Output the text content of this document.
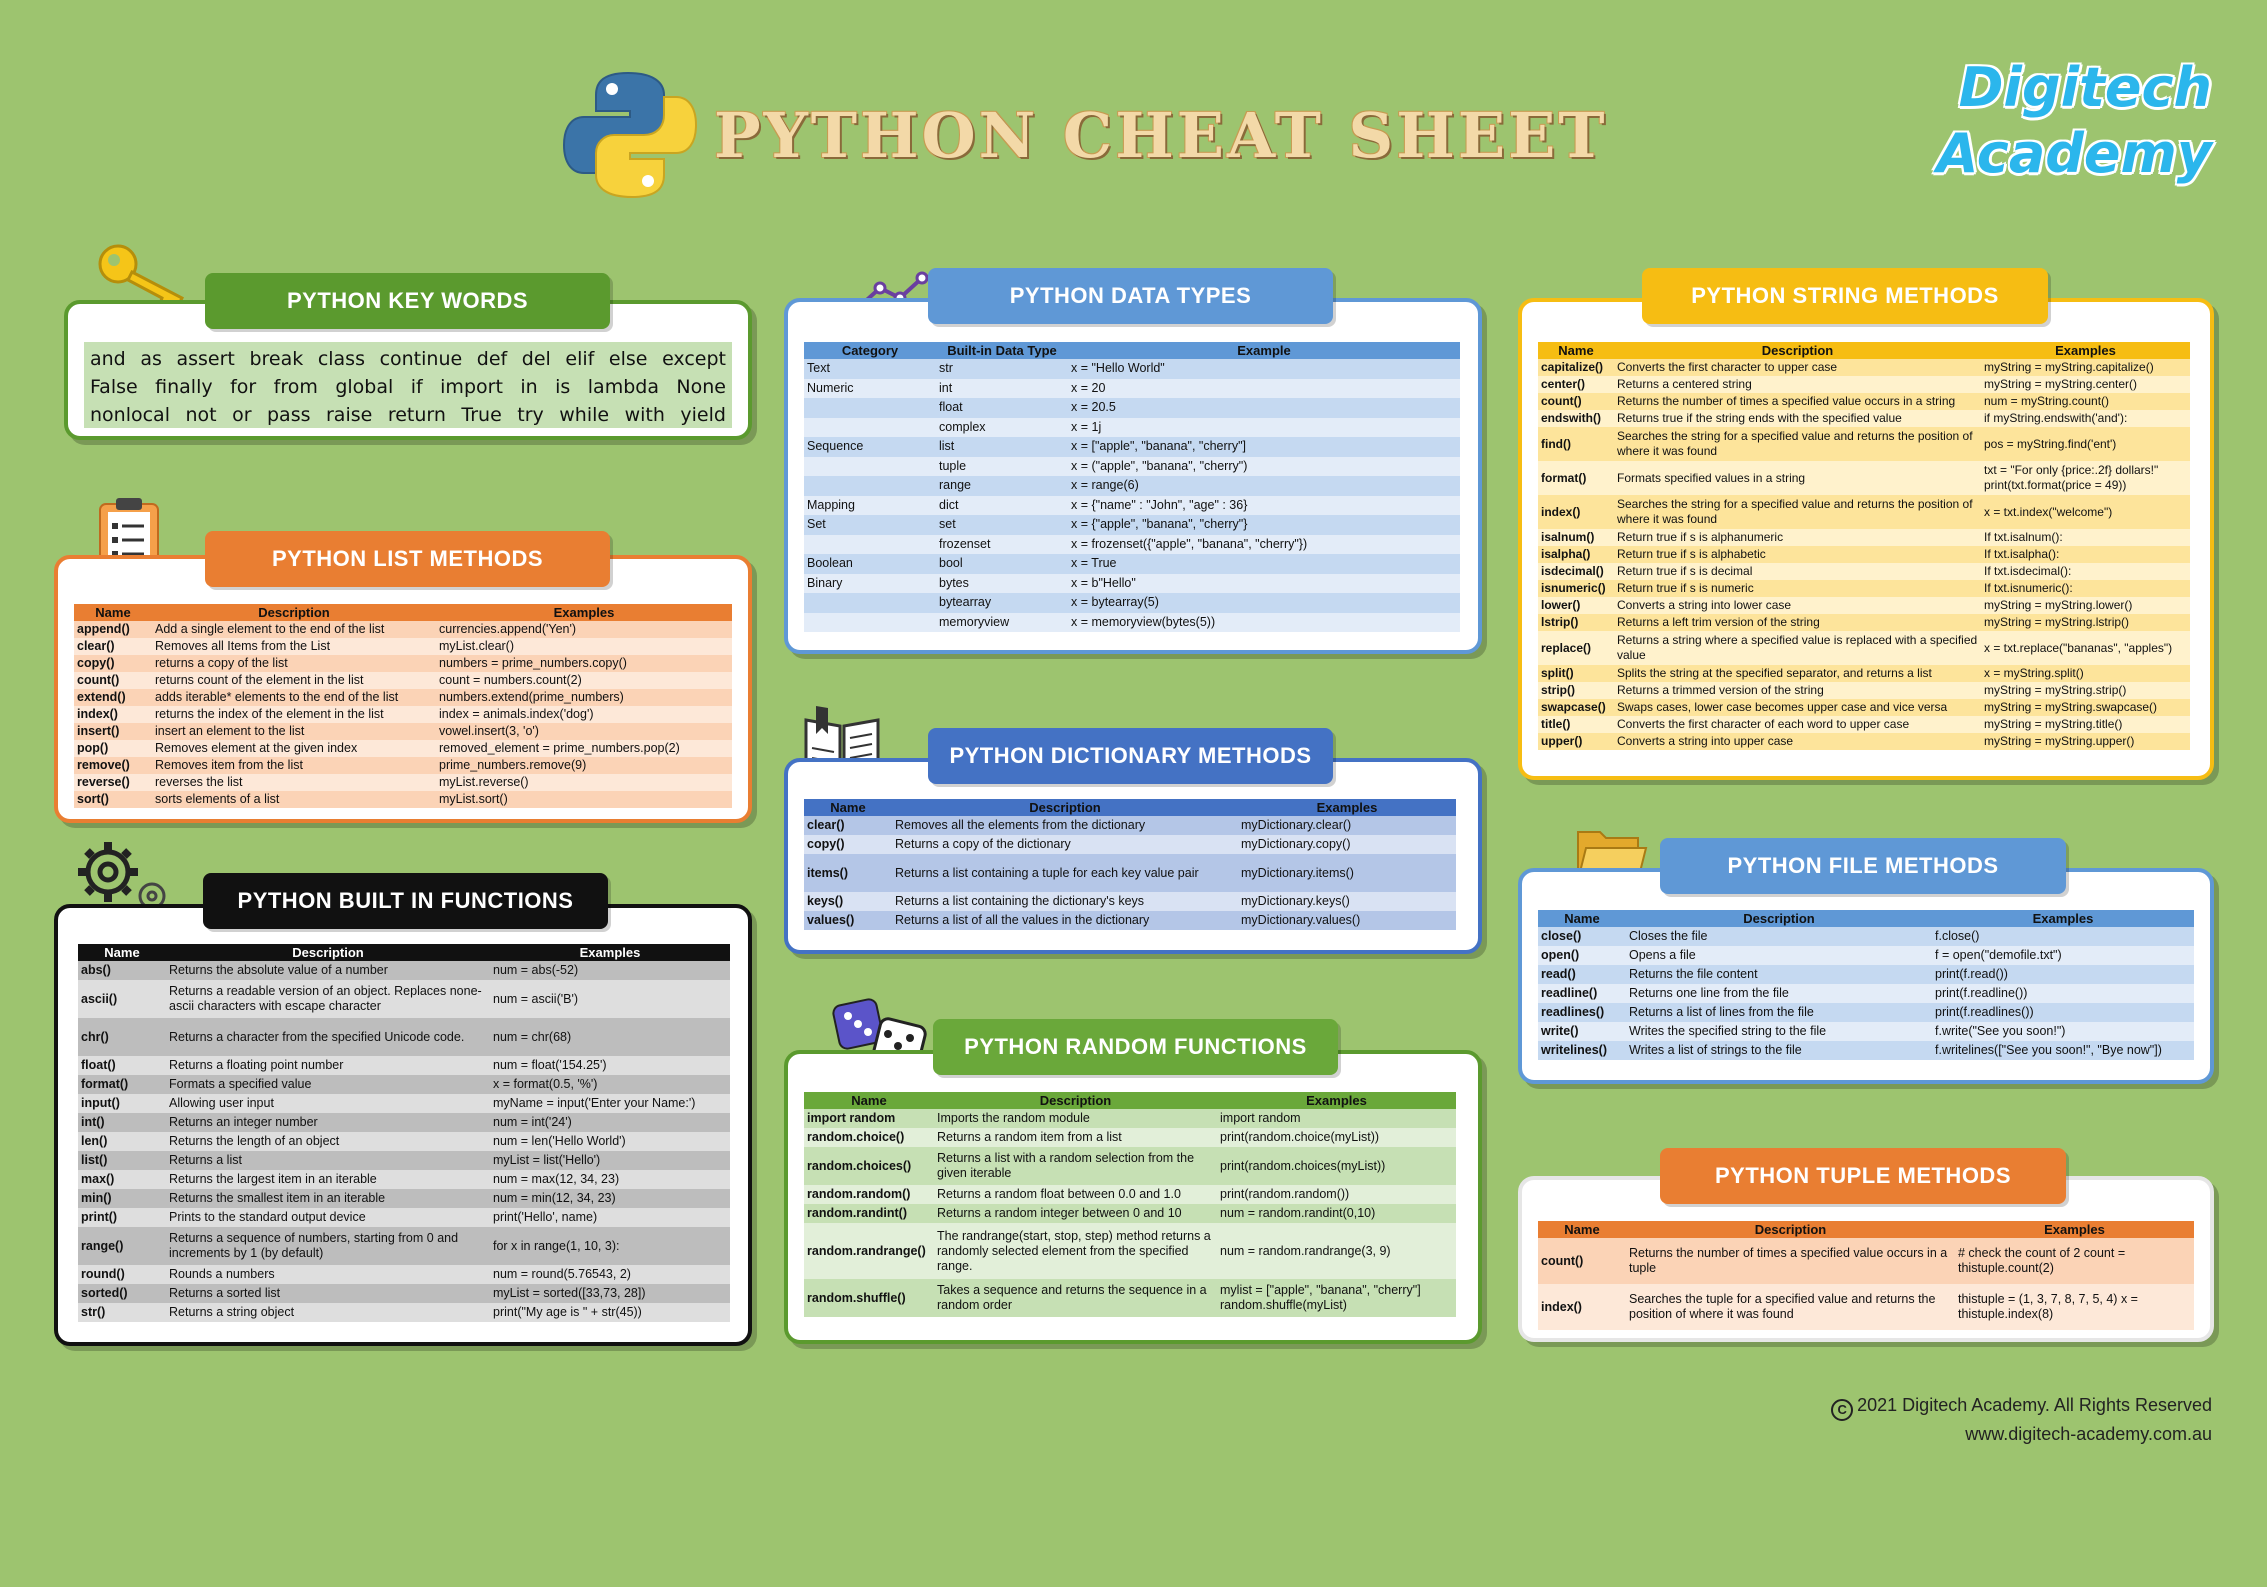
PYTHON CHEAT SHEET
Digitech
Academy
PYTHON KEY WORDS
and as assert break class continue def del elif else except
False finally for from global if import in is lambda None
nonlocal not or pass raise return True try while with yield
PYTHON LIST METHODS
Name	Description	Examples
append()	Add a single element to the end of the list	currencies.append('Yen')
clear()	Removes all Items from the List	myList.clear()
copy()	returns a copy of the list	numbers = prime_numbers.copy()
count()	returns count of the element in the list	count = numbers.count(2)
extend()	adds iterable* elements to the end of the list	numbers.extend(prime_numbers)
index()	returns the index of the element in the list	index = animals.index('dog')
insert()	insert an element to the list	vowel.insert(3, 'o')
pop()	Removes element at the given index	removed_element = prime_numbers.pop(2)
remove()	Removes item from the list	prime_numbers.remove(9)
reverse()	reverses the list	myList.reverse()
sort()	sorts elements of a list	myList.sort()
PYTHON BUILT IN FUNCTIONS
Name	Description	Examples
abs()	Returns the absolute value of a number	num = abs(-52)
ascii()	Returns a readable version of an object. Replaces none-ascii characters with escape character	num = ascii('B')
chr()	Returns a character from the specified Unicode code.	num = chr(68)
float()	Returns a floating point number	num = float('154.25')
format()	Formats a specified value	x = format(0.5, '%')
input()	Allowing user input	myName = input('Enter your Name:')
int()	Returns an integer number	num = int('24')
len()	Returns the length of an object	num = len('Hello World')
list()	Returns a list	myList = list('Hello')
max()	Returns the largest item in an iterable	num = max(12, 34, 23)
min()	Returns the smallest item in an iterable	num = min(12, 34, 23)
print()	Prints to the standard output device	print('Hello', name)
range()	Returns a sequence of numbers, starting from 0 and increments by 1 (by default)	for x in range(1, 10, 3):
round()	Rounds a numbers	num = round(5.76543, 2)
sorted()	Returns a sorted list	myList = sorted([33,73, 28])
str()	Returns a string object	print("My age is " + str(45))
PYTHON DATA TYPES
Category	Built-in Data Type	Example
Text	str	x = "Hello World"
Numeric	int	x = 20
	float	x = 20.5
	complex	x = 1j
Sequence	list	x = ["apple", "banana", "cherry"]
	tuple	x = ("apple", "banana", "cherry")
	range	x = range(6)
Mapping	dict	x = {"name" : "John", "age" : 36}
Set	set	x = {"apple", "banana", "cherry"}
	frozenset	x = frozenset({"apple", "banana", "cherry"})
Boolean	bool	x = True
Binary	bytes	x = b"Hello"
	bytearray	x = bytearray(5)
	memoryview	x = memoryview(bytes(5))
PYTHON DICTIONARY METHODS
Name	Description	Examples
clear()	Removes all the elements from the dictionary	myDictionary.clear()
copy()	Returns a copy of the dictionary	myDictionary.copy()
items()	Returns a list containing a tuple for each key value pair	myDictionary.items()
keys()	Returns a list containing the dictionary's keys	myDictionary.keys()
values()	Returns a list of all the values in the dictionary	myDictionary.values()
PYTHON RANDOM FUNCTIONS
Name	Description	Examples
import random	Imports the random module	import random
random.choice()	Returns a random item from a list	print(random.choice(myList))
random.choices()	Returns a list with a random selection from the given iterable	print(random.choices(myList))
random.random()	Returns a random float between 0.0 and 1.0	print(random.random())
random.randint()	Returns a random integer between 0 and 10	num = random.randint(0,10)
random.randrange()	The randrange(start, stop, step) method returns a randomly selected element from the specified range.	num = random.randrange(3, 9)
random.shuffle()	Takes a sequence and returns the sequence in a random order	mylist = ["apple", "banana", "cherry"] random.shuffle(myList)
PYTHON STRING METHODS
Name	Description	Examples
capitalize()	Converts the first character to upper case	myString = myString.capitalize()
center()	Returns a centered string	myString = myString.center()
count()	Returns the number of times a specified value occurs in a string	num = myString.count()
endswith()	Returns true if the string ends with the specified value	if myString.endswith('and'):
find()	Searches the string for a specified value and returns the position of where it was found	pos = myString.find('ent')
format()	Formats specified values in a string	txt = "For only {price:.2f} dollars!" print(txt.format(price = 49))
index()	Searches the string for a specified value and returns the position of where it was found	x = txt.index("welcome")
isalnum()	Return true if s is alphanumeric	If txt.isalnum():
isalpha()	Return true if s is alphabetic	If txt.isalpha():
isdecimal()	Return true if s is decimal	If txt.isdecimal():
isnumeric()	Return true if s is numeric	If txt.isnumeric():
lower()	Converts a string into lower case	myString = myString.lower()
lstrip()	Returns a left trim version of the string	myString = myString.lstrip()
replace()	Returns a string where a specified value is replaced with a specified value	x = txt.replace("bananas", "apples")
split()	Splits the string at the specified separator, and returns a list	x = myString.split()
strip()	Returns a trimmed version of the string	myString = myString.strip()
swapcase()	Swaps cases, lower case becomes upper case and vice versa	myString = myString.swapcase()
title()	Converts the first character of each word to upper case	myString = myString.title()
upper()	Converts a string into upper case	myString = myString.upper()
PYTHON FILE METHODS
Name	Description	Examples
close()	Closes the file	f.close()
open()	Opens a file	f = open("demofile.txt")
read()	Returns the file content	print(f.read())
readline()	Returns one line from the file	print(f.readline())
readlines()	Returns a list of lines from the file	print(f.readlines())
write()	Writes the specified string to the file	f.write("See you soon!")
writelines()	Writes a list of strings to the file	f.writelines(["See you soon!", "Bye now"])
PYTHON TUPLE METHODS
Name	Description	Examples
count()	Returns the number of times a specified value occurs in a tuple	# check the count of 2 count = thistuple.count(2)
index()	Searches the tuple for a specified value and returns the position of where it was found	thistuple = (1, 3, 7, 8, 7, 5, 4) x = thistuple.index(8)
C 2021 Digitech Academy. All Rights Reserved
www.digitech-academy.com.au
